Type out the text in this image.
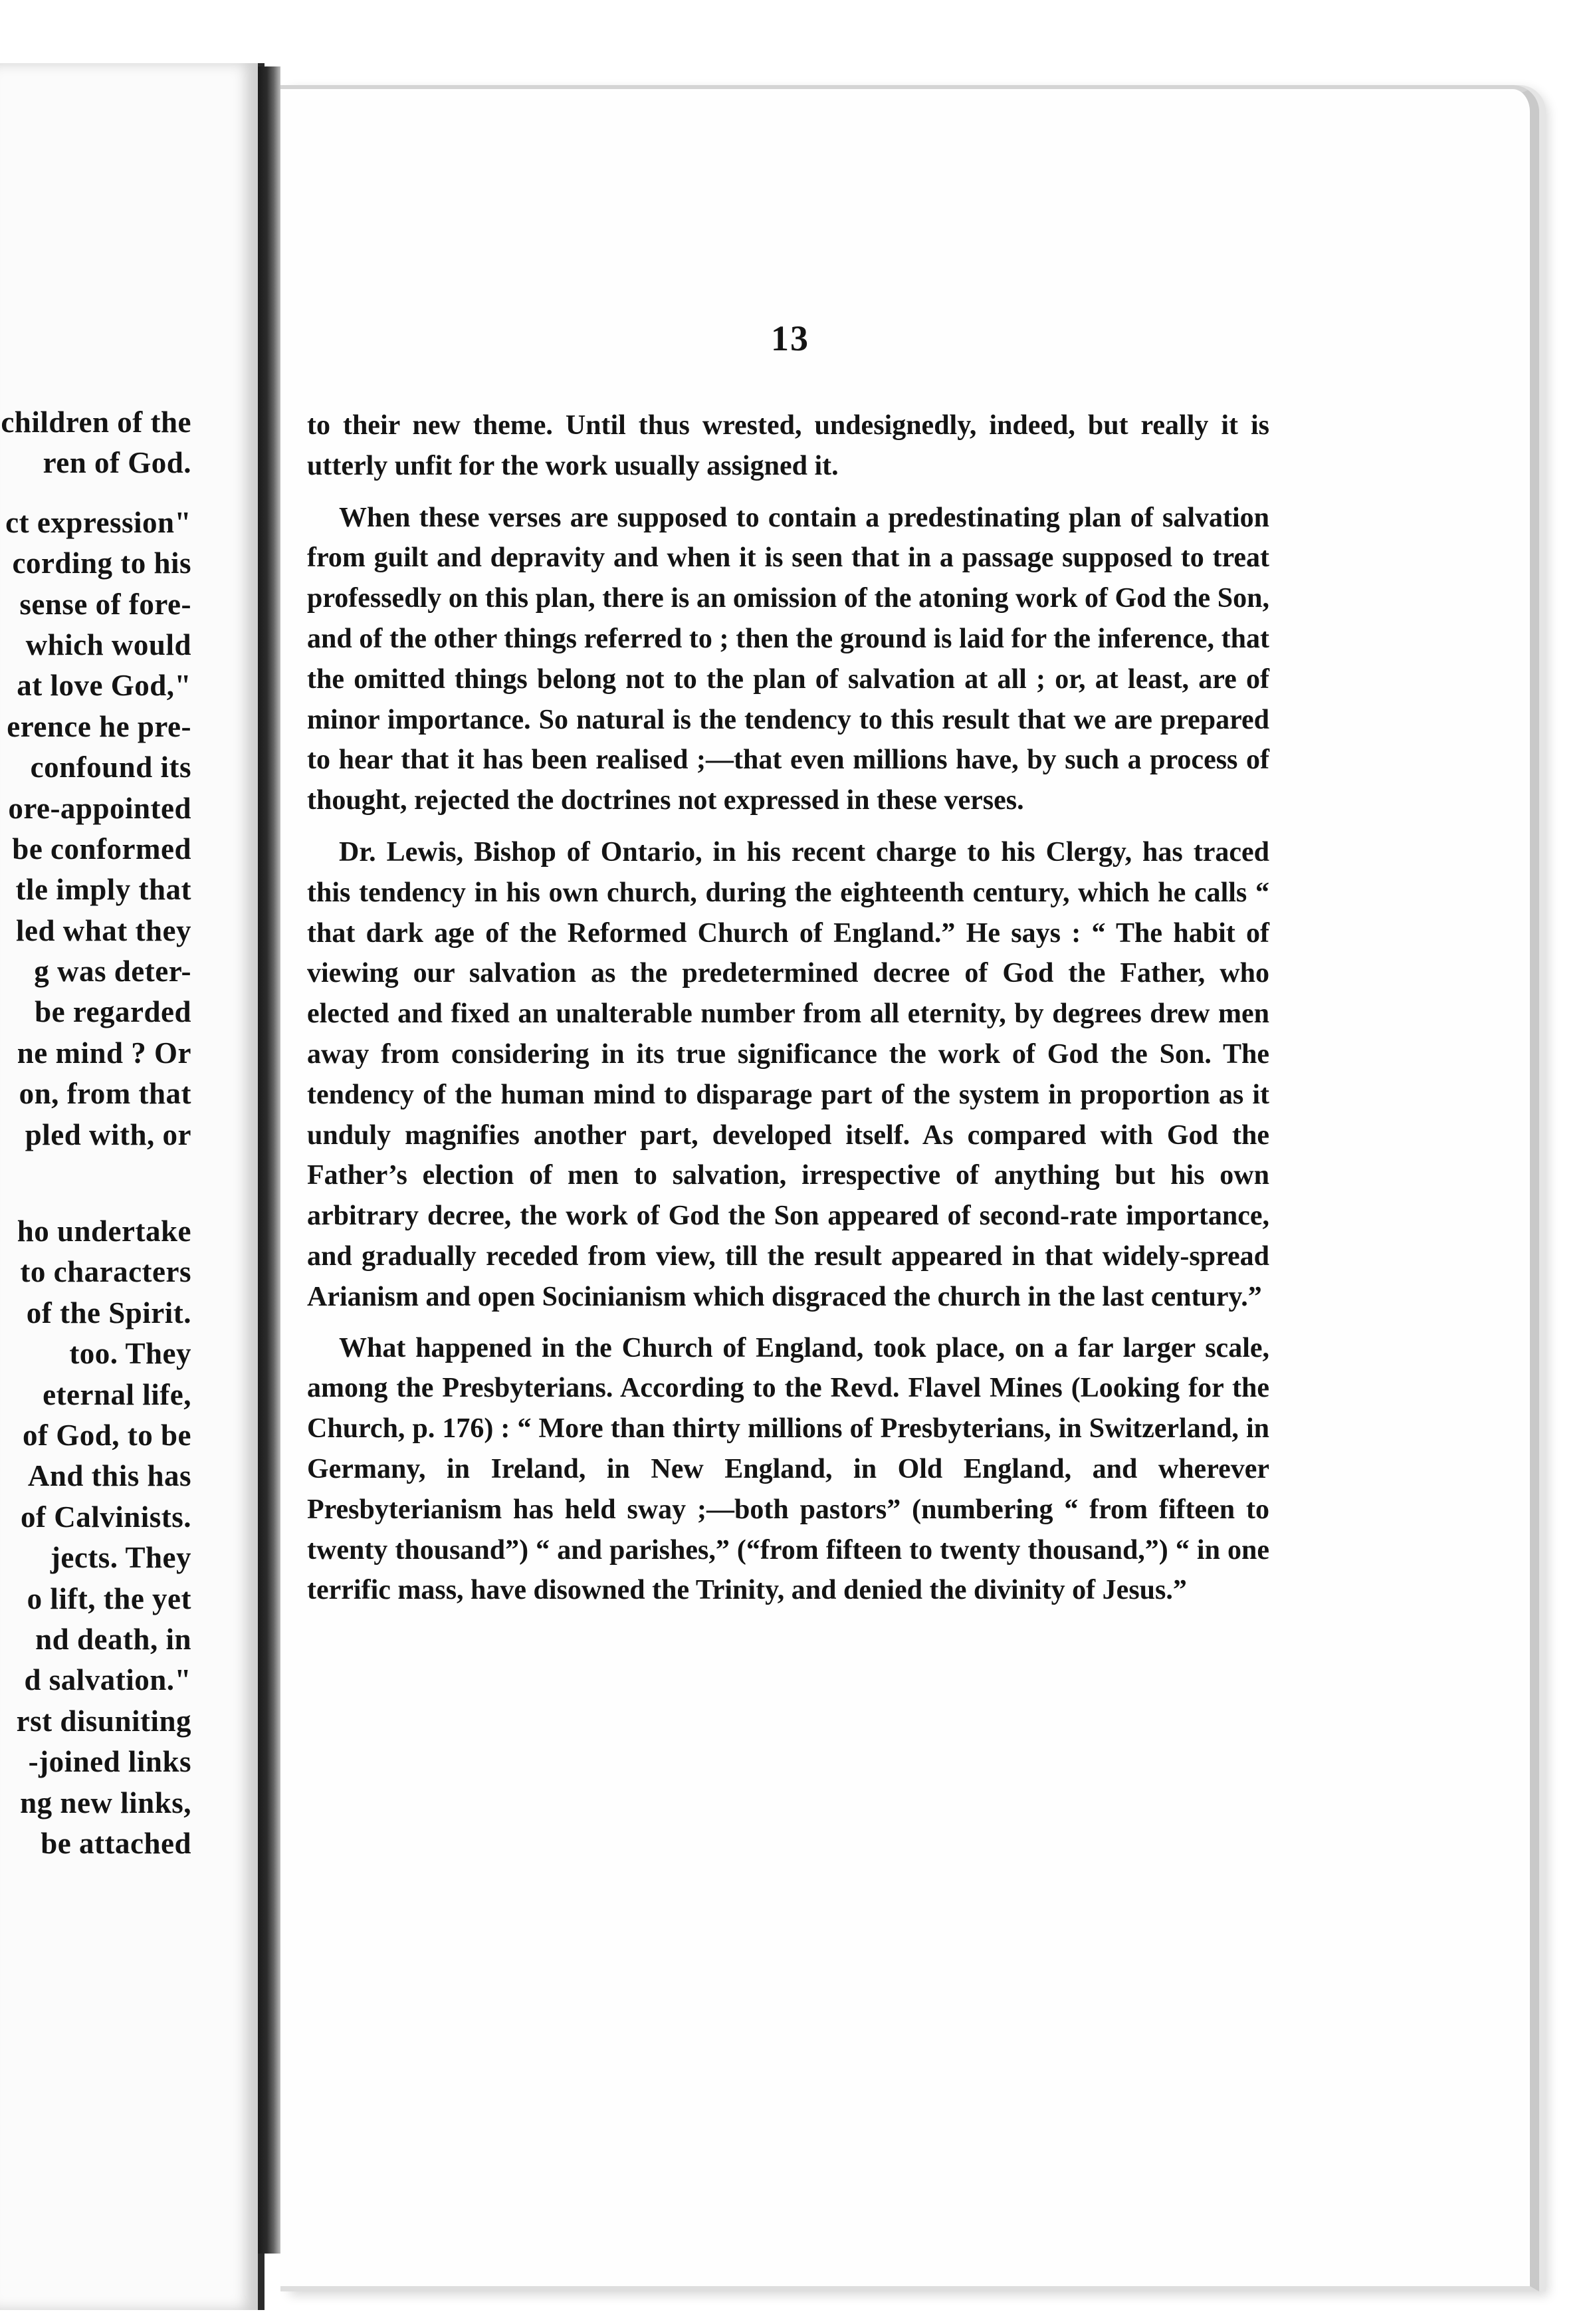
children of the
ren of God.
ct expression"
cording to his
sense of fore-
which would
at love God,"
erence he pre-
confound its
ore-appointed
be conformed
tle imply that
led what they
g was deter-
be regarded
ne mind ? Or
on, from that
pled with, or
ho undertake
to characters
of the Spirit.
too. They
eternal life,
of God, to be
And this has
of Calvinists.
jects. They
o lift, the yet
nd death, in
d salvation."
rst disuniting
-joined links
ng new links,
be attached
13

to their new theme. Until thus wrested, undesignedly, indeed, but really it is utterly unfit for the work usually assigned it.

When these verses are supposed to contain a predestinating plan of salvation from guilt and depravity and when it is seen that in a passage supposed to treat professedly on this plan, there is an omission of the atoning work of God the Son, and of the other things referred to ; then the ground is laid for the inference, that the omitted things belong not to the plan of salvation at all ; or, at least, are of minor importance. So natural is the tendency to this result that we are prepared to hear that it has been realised ;—that even millions have, by such a process of thought, rejected the doctrines not expressed in these verses.

Dr. Lewis, Bishop of Ontario, in his recent charge to his Clergy, has traced this tendency in his own church, during the eighteenth century, which he calls “ that dark age of the Reformed Church of England.” He says : “ The habit of viewing our salvation as the predetermined decree of God the Father, who elected and fixed an unalterable number from all eternity, by degrees drew men away from considering in its true significance the work of God the Son. The tendency of the human mind to disparage part of the system in proportion as it unduly magnifies another part, developed itself. As compared with God the Father’s election of men to salvation, irrespective of anything but his own arbitrary decree, the work of God the Son appeared of second-rate importance, and gradually receded from view, till the result appeared in that widely-spread Arianism and open Socinianism which disgraced the church in the last century.”

What happened in the Church of England, took place, on a far larger scale, among the Presbyterians. According to the Revd. Flavel Mines (Looking for the Church, p. 176) : “ More than thirty millions of Presbyterians, in Switzerland, in Germany, in Ireland, in New England, in Old England, and wherever Presbyterianism has held sway ;—both pastors” (numbering “ from fifteen to twenty thousand”) “ and parishes,” (“from fifteen to twenty thousand,”) “ in one terrific mass, have disowned the Trinity, and denied the divinity of Jesus.”
